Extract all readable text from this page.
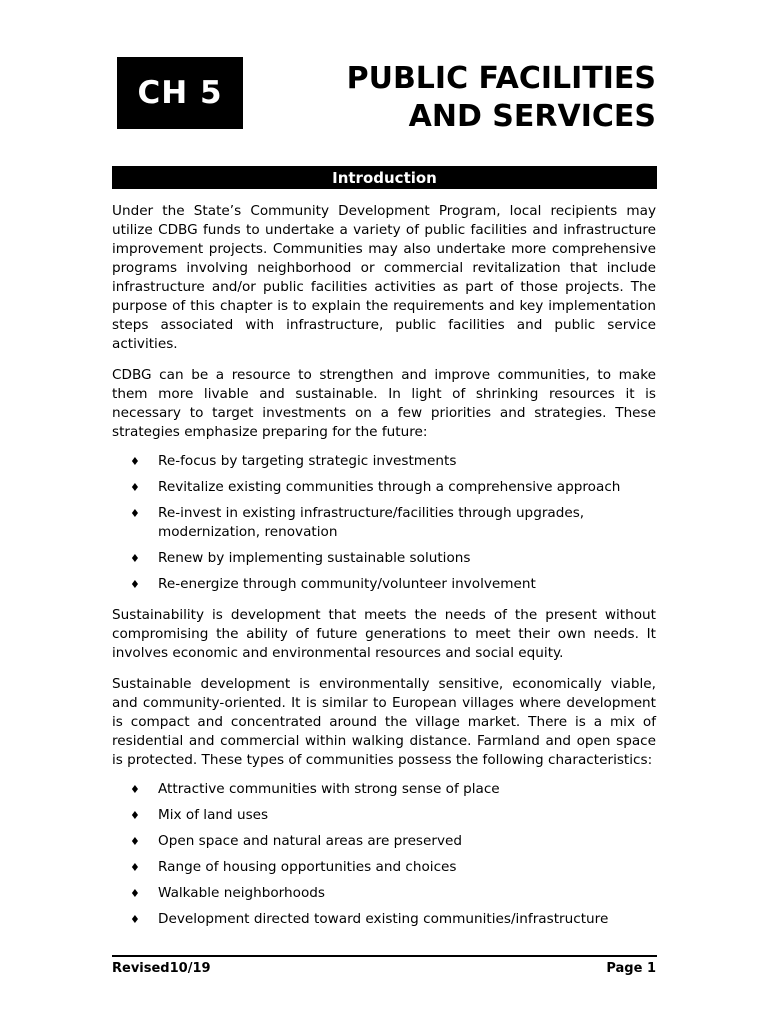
CH 5	PUBLIC FACILITIES
AND SERVICES
Introduction

Under the State’s Community Development Program, local recipients may utilize CDBG funds to undertake a variety of public facilities and infrastructure improvement projects. Communities may also undertake more comprehensive programs involving neighborhood or commercial revitalization that include infrastructure and/or public facilities activities as part of those projects. The purpose of this chapter is to explain the requirements and key implementation steps associated with infrastructure, public facilities and public service activities.

CDBG can be a resource to strengthen and improve communities, to make them more livable and sustainable. In light of shrinking resources it is necessary to target investments on a few priorities and strategies. These strategies emphasize preparing for the future:

♦ Re-focus by targeting strategic investments
♦ Revitalize existing communities through a comprehensive approach
♦ Re-invest in existing infrastructure/facilities through upgrades, modernization, renovation
♦ Renew by implementing sustainable solutions
♦ Re-energize through community/volunteer involvement

Sustainability is development that meets the needs of the present without compromising the ability of future generations to meet their own needs. It involves economic and environmental resources and social equity.

Sustainable development is environmentally sensitive, economically viable, and community-oriented. It is similar to European villages where development is compact and concentrated around the village market. There is a mix of residential and commercial within walking distance. Farmland and open space is protected. These types of communities possess the following characteristics:

♦ Attractive communities with strong sense of place
♦ Mix of land uses
♦ Open space and natural areas are preserved
♦ Range of housing opportunities and choices
♦ Walkable neighborhoods
♦ Development directed toward existing communities/infrastructure
Revised10/19	Page 1
